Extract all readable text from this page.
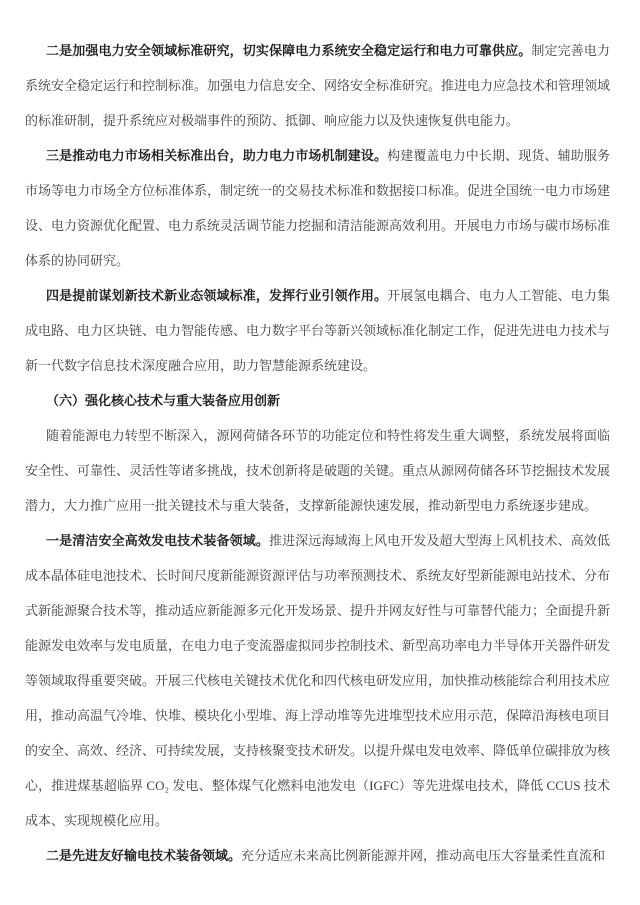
二是加强电力安全领域标准研究，切实保障电力系统安全稳定运行和电力可靠供应。制定完善电力系统安全稳定运行和控制标准。加强电力信息安全、网络安全标准研究。推进电力应急技术和管理领域的标准研制，提升系统应对极端事件的预防、抵御、响应能力以及快速恢复供电能力。

三是推动电力市场相关标准出台，助力电力市场机制建设。构建覆盖电力中长期、现货、辅助服务市场等电力市场全方位标准体系，制定统一的交易技术标准和数据接口标准。促进全国统一电力市场建设、电力资源优化配置、电力系统灵活调节能力挖掘和清洁能源高效利用。开展电力市场与碳市场标准体系的协同研究。

四是提前谋划新技术新业态领域标准，发挥行业引领作用。开展氢电耦合、电力人工智能、电力集成电路、电力区块链、电力智能传感、电力数字平台等新兴领域标准化制定工作，促进先进电力技术与新一代数字信息技术深度融合应用，助力智慧能源系统建设。

（六）强化核心技术与重大装备应用创新

随着能源电力转型不断深入，源网荷储各环节的功能定位和特性将发生重大调整，系统发展将面临安全性、可靠性、灵活性等诸多挑战，技术创新将是破题的关键。重点从源网荷储各环节挖掘技术发展潜力，大力推广应用一批关键技术与重大装备，支撑新能源快速发展，推动新型电力系统逐步建成。

一是清洁安全高效发电技术装备领域。推进深远海域海上风电开发及超大型海上风机技术、高效低成本晶体硅电池技术、长时间尺度新能源资源评估与功率预测技术、系统友好型新能源电站技术、分布式新能源聚合技术等，推动适应新能源多元化开发场景、提升并网友好性与可靠替代能力；全面提升新能源发电效率与发电质量，在电力电子变流器虚拟同步控制技术、新型高功率电力半导体开关器件研发等领域取得重要突破。开展三代核电关键技术优化和四代核电研发应用，加快推动核能综合利用技术应用，推动高温气冷堆、快堆、模块化小型堆、海上浮动堆等先进堆型技术应用示范，保障沿海核电项目的安全、高效、经济、可持续发展，支持核聚变技术研发。以提升煤电发电效率、降低单位碳排放为核心，推进煤基超临界 CO₂ 发电、整体煤气化燃料电池发电（IGFC）等先进煤电技术，降低 CCUS 技术成本、实现规模化应用。

二是先进友好输电技术装备领域。充分适应未来高比例新能源并网，推动高电压大容量柔性直流和
